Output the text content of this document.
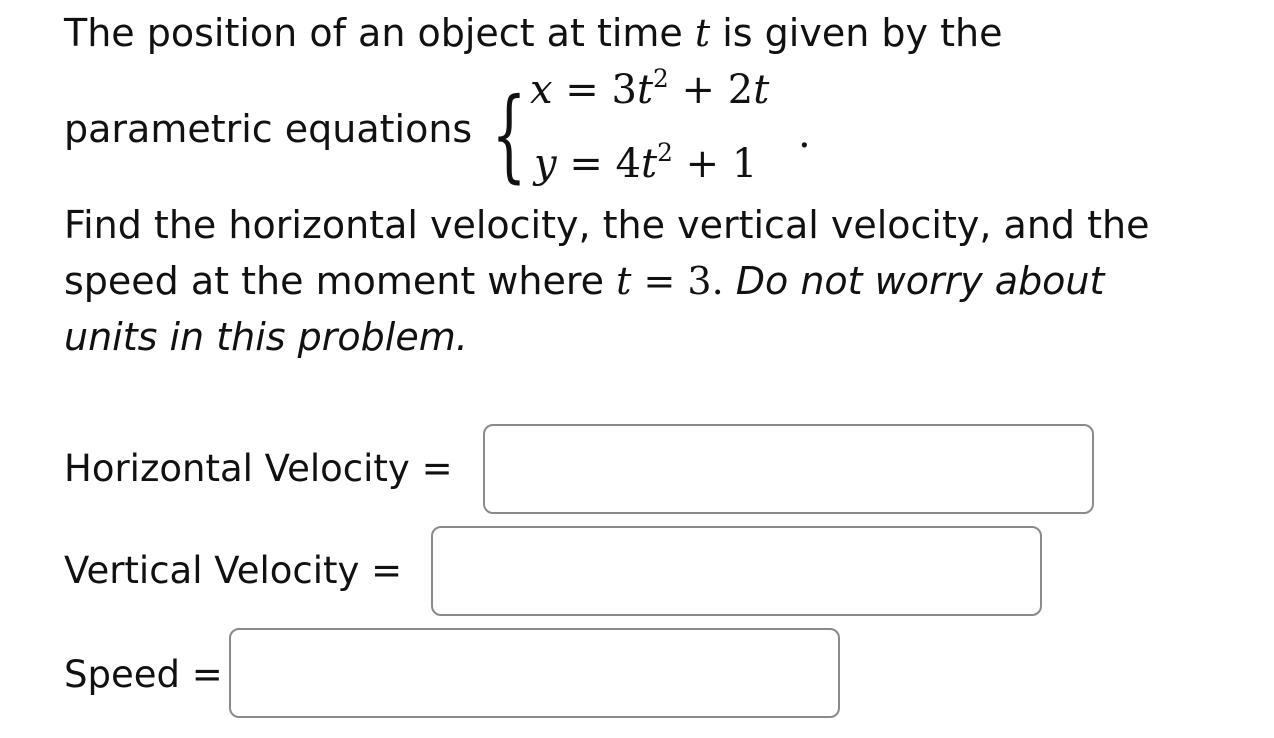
The position of an object at time t is given by the
parametric equations { $x = 3t^2 + 2t$
$y = 4t^2 + 1$
.
Find the horizontal velocity, the vertical velocity, and the
speed at the moment where t = 3. Do not worry about
units in this problem.
Horizontal Velocity =
Vertical Velocity =
Speed =
